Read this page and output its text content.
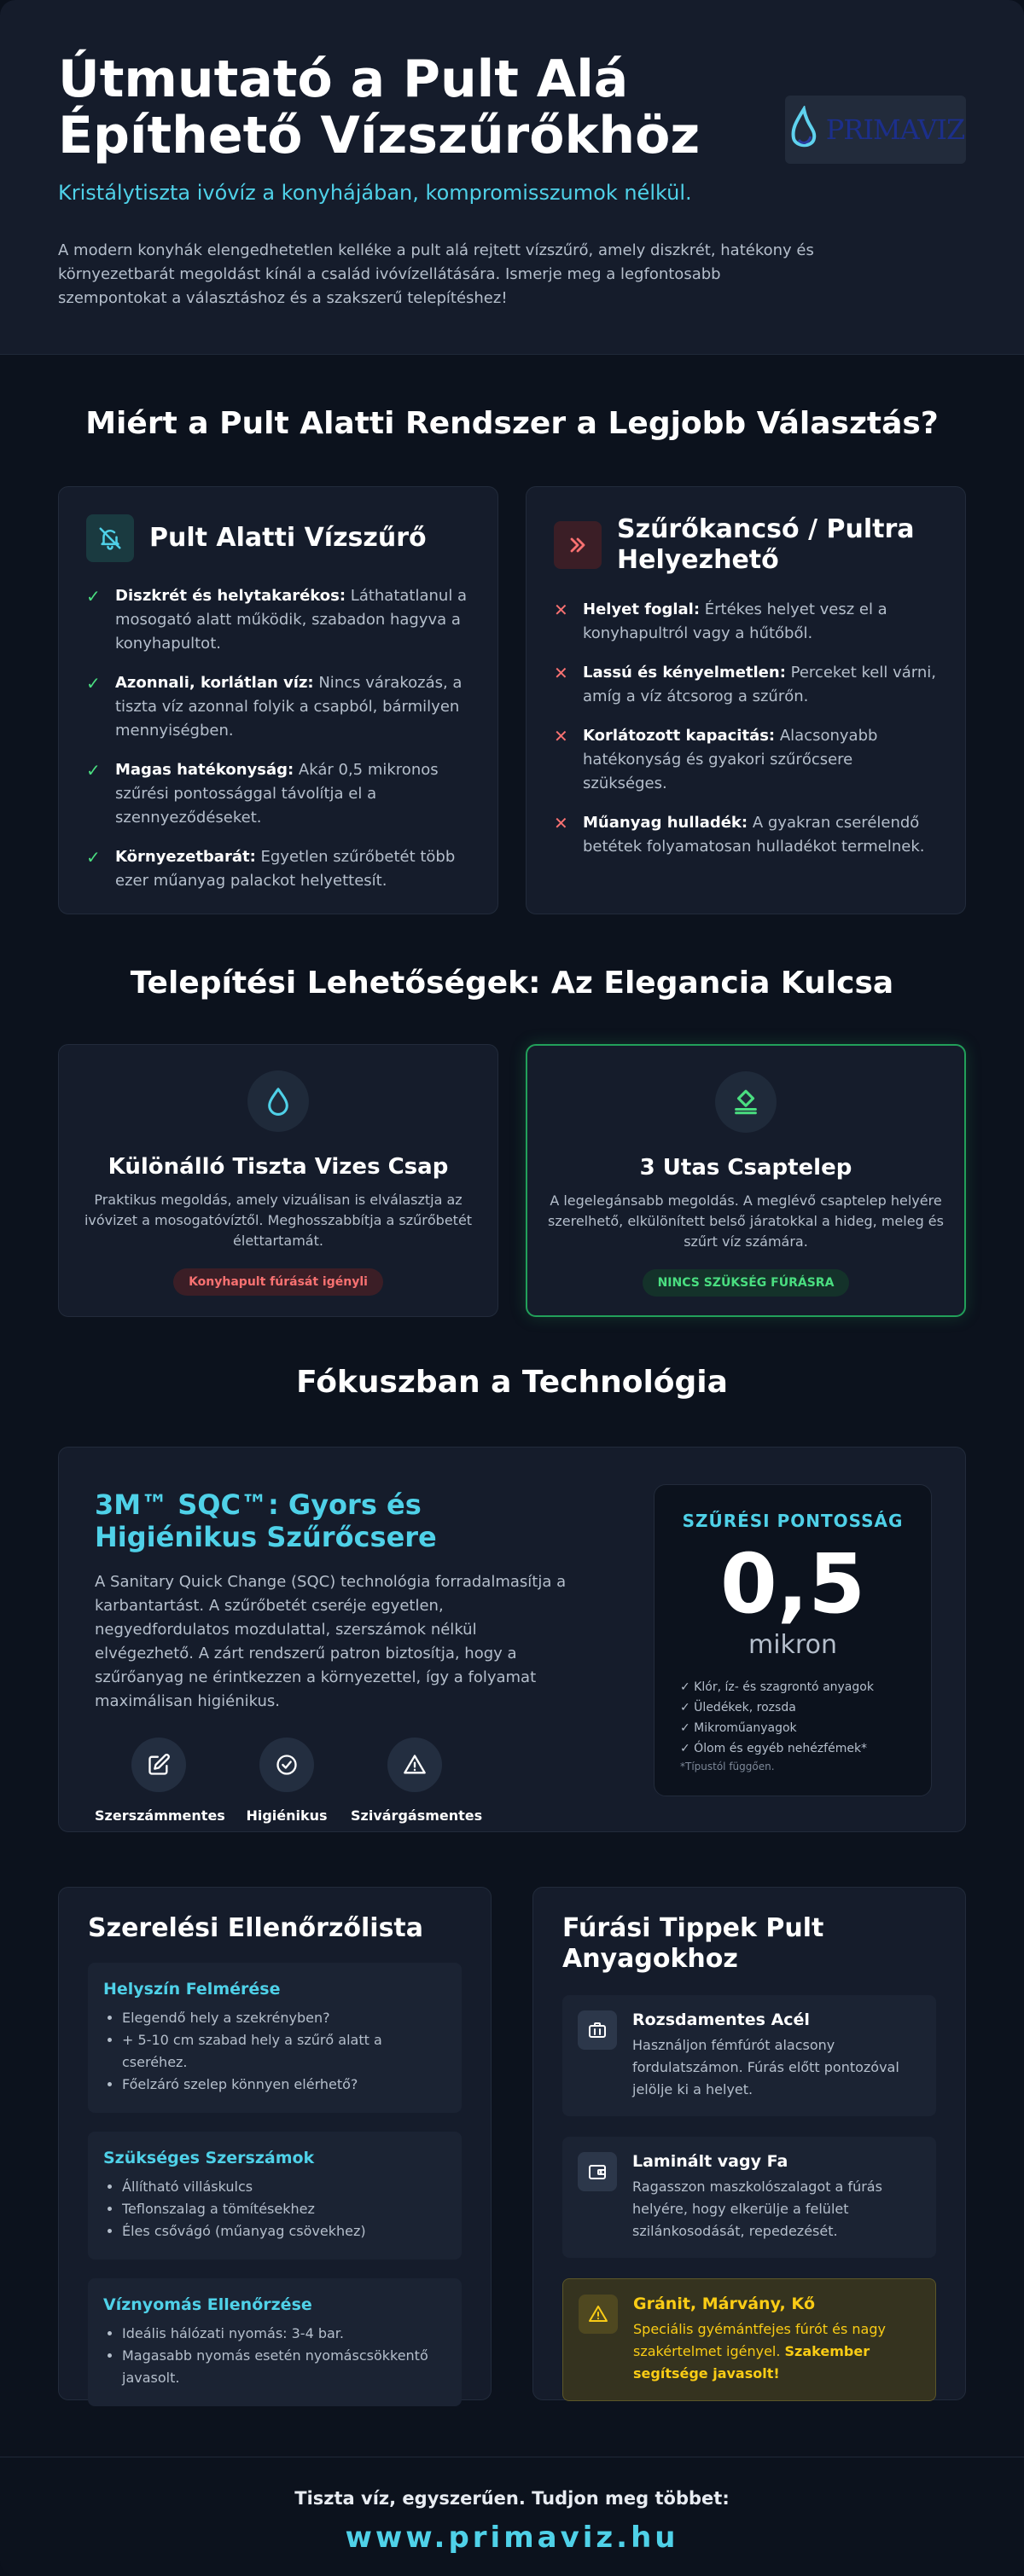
Útmutató a Pult Alá Építhető Vízszűrőkhöz
Kristálytiszta ivóvíz a konyhájában, kompromisszumok nélkül.
A modern konyhák elengedhetetlen kelléke a pult alá rejtett vízszűrő, amely diszkrét, hatékony és környezetbarát megoldást kínál a család ivóvízellátására. Ismerje meg a legfontosabb szempontokat a választáshoz és a szakszerű telepítéshez!
PRIMAVIZ
Miért a Pult Alatti Rendszer a Legjobb Választás?
Pult Alatti Vízszűrő
✓ Diszkrét és helytakarékos: Láthatatlanul a mosogató alatt működik, szabadon hagyva a konyhapultot.
✓ Azonnali, korlátlan víz: Nincs várakozás, a tiszta víz azonnal folyik a csapból, bármilyen mennyiségben.
✓ Magas hatékonyság: Akár 0,5 mikronos szűrési pontossággal távolítja el a szennyeződéseket.
✓ Környezetbarát: Egyetlen szűrőbetét több ezer műanyag palackot helyettesít.
Szűrőkancsó / Pultra Helyezhető
✕ Helyet foglal: Értékes helyet vesz el a konyhapultról vagy a hűtőből.
✕ Lassú és kényelmetlen: Perceket kell várni, amíg a víz átcsorog a szűrőn.
✕ Korlátozott kapacitás: Alacsonyabb hatékonyság és gyakori szűrőcsere szükséges.
✕ Műanyag hulladék: A gyakran cserélendő betétek folyamatosan hulladékot termelnek.
Telepítési Lehetőségek: Az Elegancia Kulcsa
Különálló Tiszta Vizes Csap
Praktikus megoldás, amely vizuálisan is elválasztja az ivóvizet a mosogatóvíztől. Meghosszabbítja a szűrőbetét élettartamát.
Konyhapult fúrását igényli
3 Utas Csaptelep
A legelegánsabb megoldás. A meglévő csaptelep helyére szerelhető, elkülönített belső járatokkal a hideg, meleg és szűrt víz számára.
NINCS SZÜKSÉG FÚRÁSRA
Fókuszban a Technológia
3M™ SQC™: Gyors és Higiénikus Szűrőcsere
A Sanitary Quick Change (SQC) technológia forradalmasítja a karbantartást. A szűrőbetét cseréje egyetlen, negyedfordulatos mozdulattal, szerszámok nélkül elvégezhető. A zárt rendszerű patron biztosítja, hogy a szűrőanyag ne érintkezzen a környezettel, így a folyamat maximálisan higiénikus.
Szerszámmentes	Higiénikus	Szivárgásmentes
SZŰRÉSI PONTOSSÁG
0,5
mikron
✓ Klór, íz- és szagrontó anyagok
✓ Üledékek, rozsda
✓ Mikroműanyagok
✓ Ólom és egyéb nehézfémek*
*Típustól függően.
Szerelési Ellenőrzőlista
Helyszín Felmérése
• Elegendő hely a szekrényben?
• + 5-10 cm szabad hely a szűrő alatt a cseréhez.
• Főelzáró szelep könnyen elérhető?
Szükséges Szerszámok
• Állítható villáskulcs
• Teflonszalag a tömítésekhez
• Éles csővágó (műanyag csövekhez)
Víznyomás Ellenőrzése
• Ideális hálózati nyomás: 3-4 bar.
• Magasabb nyomás esetén nyomáscsökkentő javasolt.
Fúrási Tippek Pult Anyagokhoz
Rozsdamentes Acél
Használjon fémfúrót alacsony fordulatszámon. Fúrás előtt pontozóval jelölje ki a helyet.
Laminált vagy Fa
Ragasszon maszkolószalagot a fúrás helyére, hogy elkerülje a felület szilánkosodását, repedezését.
Gránit, Márvány, Kő
Speciális gyémántfejes fúrót és nagy szakértelmet igényel. Szakember segítsége javasolt!
Tiszta víz, egyszerűen. Tudjon meg többet:
www.primaviz.hu
